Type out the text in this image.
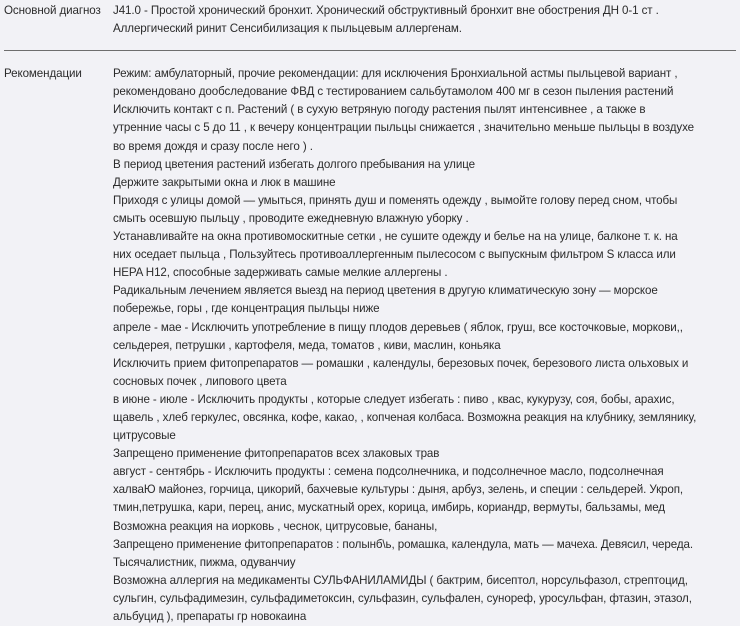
Основной диагноз	J41.0 - Простой хронический бронхит. Хронический обструктивный бронхит вне обострения ДН 0-1 ст .
Аллергический ринит Сенсибилизация к пыльцевым аллергенам.
Рекомендации	Режим: амбулаторный, прочие рекомендации: для исключения Бронхиальной астмы пыльцевой вариант ,
рекомендовано дообследование ФВД с тестированием сальбутамолом 400 мг в сезон пыления растений
Исключить контакт с п. Растений ( в сухую ветряную погоду растения пылят интенсивнее , а также в
утренние часы с 5 до 11 , к вечеру концентрации пыльцы снижается , значительно меньше пыльцы в воздухе
во время дождя и сразу после него ) .
В период цветения растений избегать долгого пребывания на улице
Держите закрытыми окна и люк в машине
Приходя с улицы домой — умыться, принять душ и поменять одежду , вымойте голову перед сном, чтобы
смыть осевшую пыльцу , проводите ежедневную влажную уборку .
Устанавливайте на окна противомоскитные сетки , не сушите одежду и белье на на улице, балконе т. к. на
них оседает пыльца , Пользуйтесь противоаллергенным пылесосом с выпускным фильтром S класса или
HEPA H12, способные задерживать самые мелкие аллергены .
Радикальным лечением является выезд на период цветения в другую климатическую зону — морское
побережье, горы , где концентрация пыльцы ниже
апреле - мае - Исключить употребление в пищу плодов деревьев ( яблок, груш, все косточковые, моркови,,
сельдерея, петрушки , картофеля, меда, томатов , киви, маслин, коньяка
Исключить прием фитопрепаратов — ромашки , календулы, березовых почек, березового листа ольховых и
сосновых почек , липового цвета
в июне - июле - Исключить продукты , которые следует избегать : пиво , квас, кукурузу, соя, бобы, арахис,
щавель , хлеб геркулес, овсянка, кофе, какао, , копченая колбаса. Возможна реакция на клубнику, землянику,
цитрусовые
Запрещено применение фитопрепаратов всех злаковых трав
август - сентябрь - Исключить продукты : семена подсолнечника, и подсолнечное масло, подсолнечная
халваЮ майонез, горчица, цикорий, бахчевые культуры : дыня, арбуз, зелень, и специи : сельдерей. Укроп,
тмин,петрушка, кари, перец, анис, мускатный орех, корица, имбирь, кориандр, вермуты, бальзамы, мед
Возможна реакция на иорковь , чеснок, цитрусовые, бананы,
Запрещено применение фитопрепаратов : полынб\ь, ромашка, календула, мать — мачеха. Девясил, череда.
Тысячалистник, пижма, одуванчиу
Возможна аллергия на медикаменты СУЛЬФАНИЛАМИДЫ ( бактрим, бисептол, норсульфазол, стрептоцид,
сульгин, сульфадимезин, сульфадиметоксин, сульфазин, сульфален, сунореф, уросульфан, фтазин, этазол,
альбуцид ), препараты гр новокаина
